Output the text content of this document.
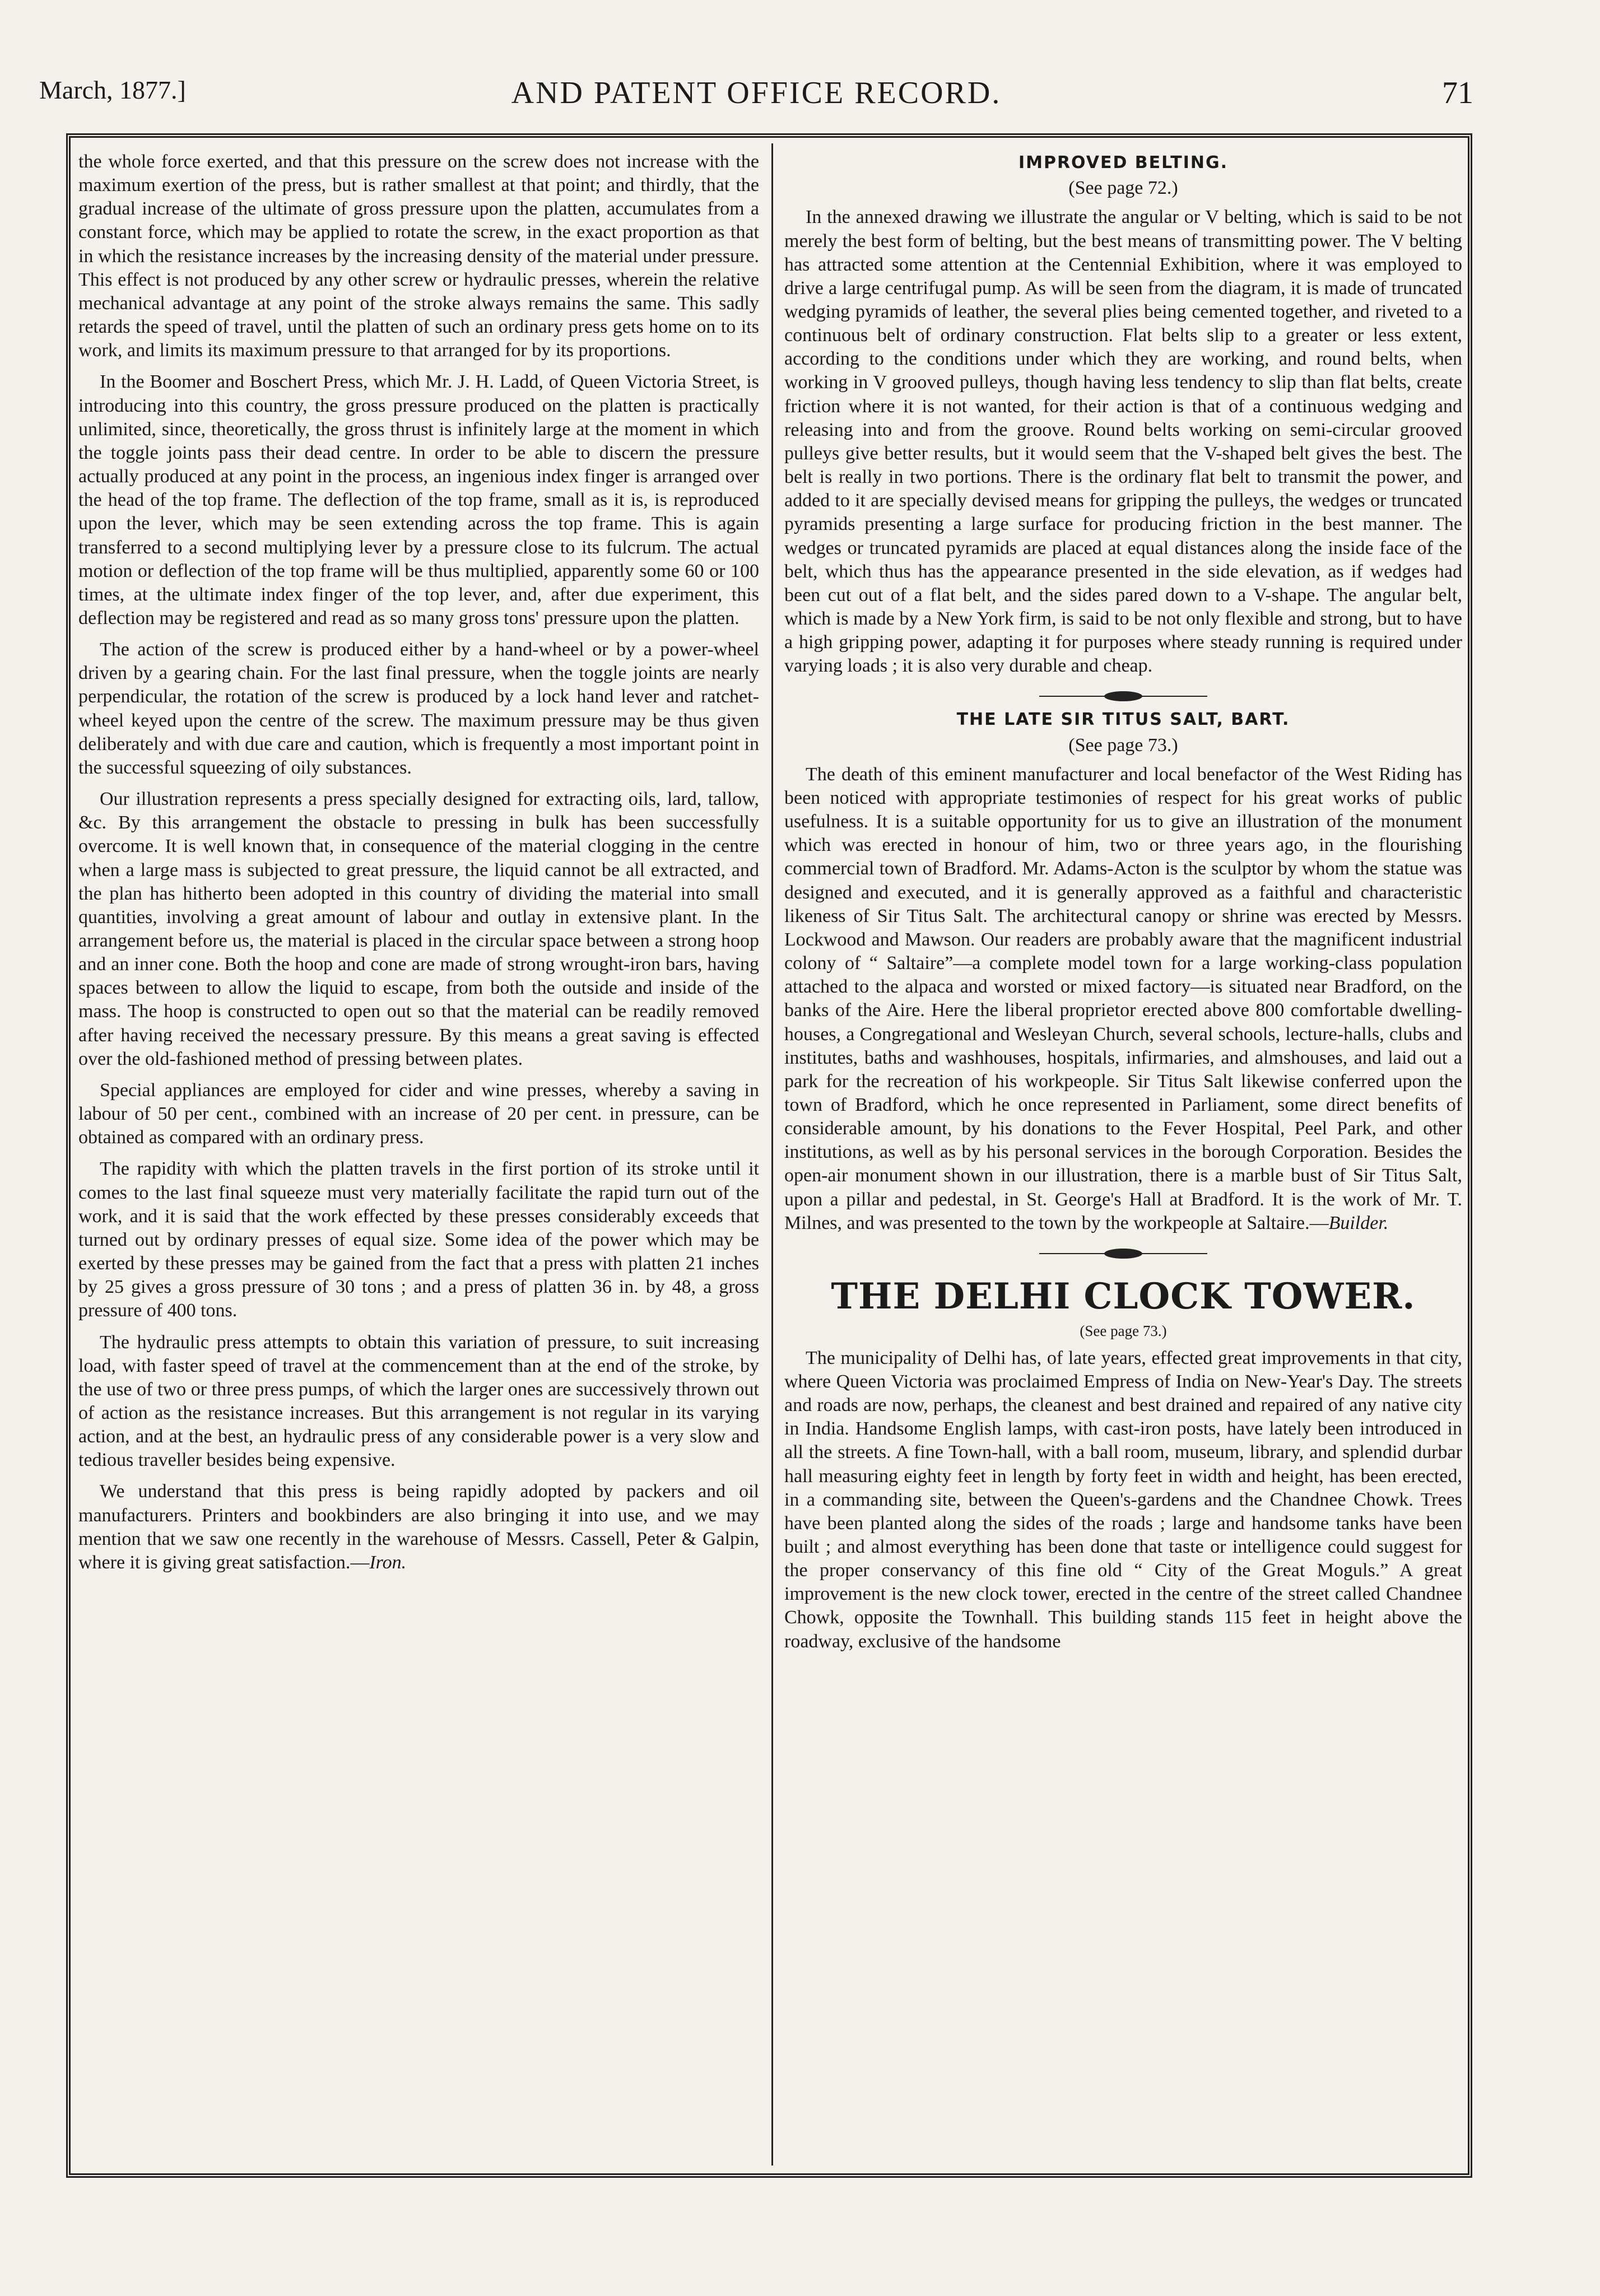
March, 1877.]	AND PATENT OFFICE RECORD.	71

the whole force exerted, and that this pressure on the screw does not increase with the maximum exertion of the press, but is rather smallest at that point; and thirdly, that the gradual increase of the ultimate of gross pressure upon the platten, accumulates from a constant force, which may be applied to rotate the screw, in the exact proportion as that in which the resistance increases by the increasing density of the material under pressure. This effect is not produced by any other screw or hydraulic presses, wherein the relative mechanical advantage at any point of the stroke always remains the same. This sadly retards the speed of travel, until the platten of such an ordinary press gets home on to its work, and limits its maximum pressure to that arranged for by its proportions.

In the Boomer and Boschert Press, which Mr. J. H. Ladd, of Queen Victoria Street, is introducing into this country, the gross pressure produced on the platten is practically unlimited, since, theoretically, the gross thrust is infinitely large at the moment in which the toggle joints pass their dead centre. In order to be able to discern the pressure actually produced at any point in the process, an ingenious index finger is arranged over the head of the top frame. The deflection of the top frame, small as it is, is reproduced upon the lever, which may be seen extending across the top frame. This is again transferred to a second multiplying lever by a pressure close to its fulcrum. The actual motion or deflection of the top frame will be thus multiplied, apparently some 60 or 100 times, at the ultimate index finger of the top lever, and, after due experiment, this deflection may be registered and read as so many gross tons' pressure upon the platten.

The action of the screw is produced either by a hand-wheel or by a power-wheel driven by a gearing chain. For the last final pressure, when the toggle joints are nearly perpendicular, the rotation of the screw is produced by a lock hand lever and ratchet-wheel keyed upon the centre of the screw. The maximum pressure may be thus given deliberately and with due care and caution, which is frequently a most important point in the successful squeezing of oily substances.

Our illustration represents a press specially designed for extracting oils, lard, tallow, &c. By this arrangement the obstacle to pressing in bulk has been successfully overcome. It is well known that, in consequence of the material clogging in the centre when a large mass is subjected to great pressure, the liquid cannot be all extracted, and the plan has hitherto been adopted in this country of dividing the material into small quantities, involving a great amount of labour and outlay in extensive plant. In the arrangement before us, the material is placed in the circular space between a strong hoop and an inner cone. Both the hoop and cone are made of strong wrought-iron bars, having spaces between to allow the liquid to escape, from both the outside and inside of the mass. The hoop is constructed to open out so that the material can be readily removed after having received the necessary pressure. By this means a great saving is effected over the old-fashioned method of pressing between plates.

Special appliances are employed for cider and wine presses, whereby a saving in labour of 50 per cent., combined with an increase of 20 per cent. in pressure, can be obtained as compared with an ordinary press.

The rapidity with which the platten travels in the first portion of its stroke until it comes to the last final squeeze must very materially facilitate the rapid turn out of the work, and it is said that the work effected by these presses considerably exceeds that turned out by ordinary presses of equal size. Some idea of the power which may be exerted by these presses may be gained from the fact that a press with platten 21 inches by 25 gives a gross pressure of 30 tons ; and a press of platten 36 in. by 48, a gross pressure of 400 tons.

The hydraulic press attempts to obtain this variation of pressure, to suit increasing load, with faster speed of travel at the commencement than at the end of the stroke, by the use of two or three press pumps, of which the larger ones are successively thrown out of action as the resistance increases. But this arrangement is not regular in its varying action, and at the best, an hydraulic press of any considerable power is a very slow and tedious traveller besides being expensive.

We understand that this press is being rapidly adopted by packers and oil manufacturers. Printers and bookbinders are also bringing it into use, and we may mention that we saw one recently in the warehouse of Messrs. Cassell, Peter & Galpin, where it is giving great satisfaction.—Iron.

IMPROVED BELTING.
(See page 72.)

In the annexed drawing we illustrate the angular or V belting, which is said to be not merely the best form of belting, but the best means of transmitting power. The V belting has attracted some attention at the Centennial Exhibition, where it was employed to drive a large centrifugal pump. As will be seen from the diagram, it is made of truncated wedging pyramids of leather, the several plies being cemented together, and riveted to a continuous belt of ordinary construction. Flat belts slip to a greater or less extent, according to the conditions under which they are working, and round belts, when working in V grooved pulleys, though having less tendency to slip than flat belts, create friction where it is not wanted, for their action is that of a continuous wedging and releasing into and from the groove. Round belts working on semi-circular grooved pulleys give better results, but it would seem that the V-shaped belt gives the best. The belt is really in two portions. There is the ordinary flat belt to transmit the power, and added to it are specially devised means for gripping the pulleys, the wedges or truncated pyramids presenting a large surface for producing friction in the best manner. The wedges or truncated pyramids are placed at equal distances along the inside face of the belt, which thus has the appearance presented in the side elevation, as if wedges had been cut out of a flat belt, and the sides pared down to a V-shape. The angular belt, which is made by a New York firm, is said to be not only flexible and strong, but to have a high gripping power, adapting it for purposes where steady running is required under varying loads ; it is also very durable and cheap.

THE LATE SIR TITUS SALT, BART.
(See page 73.)

The death of this eminent manufacturer and local benefactor of the West Riding has been noticed with appropriate testimonies of respect for his great works of public usefulness. It is a suitable opportunity for us to give an illustration of the monument which was erected in honour of him, two or three years ago, in the flourishing commercial town of Bradford. Mr. Adams-Acton is the sculptor by whom the statue was designed and executed, and it is generally approved as a faithful and characteristic likeness of Sir Titus Salt. The architectural canopy or shrine was erected by Messrs. Lockwood and Mawson. Our readers are probably aware that the magnificent industrial colony of “ Saltaire”—a complete model town for a large working-class population attached to the alpaca and worsted or mixed factory—is situated near Bradford, on the banks of the Aire. Here the liberal proprietor erected above 800 comfortable dwelling-houses, a Congregational and Wesleyan Church, several schools, lecture-halls, clubs and institutes, baths and washhouses, hospitals, infirmaries, and almshouses, and laid out a park for the recreation of his workpeople. Sir Titus Salt likewise conferred upon the town of Bradford, which he once represented in Parliament, some direct benefits of considerable amount, by his donations to the Fever Hospital, Peel Park, and other institutions, as well as by his personal services in the borough Corporation. Besides the open-air monument shown in our illustration, there is a marble bust of Sir Titus Salt, upon a pillar and pedestal, in St. George's Hall at Bradford. It is the work of Mr. T. Milnes, and was presented to the town by the workpeople at Saltaire.—Builder.

THE DELHI CLOCK TOWER.
(See page 73.)

The municipality of Delhi has, of late years, effected great improvements in that city, where Queen Victoria was proclaimed Empress of India on New-Year's Day. The streets and roads are now, perhaps, the cleanest and best drained and repaired of any native city in India. Handsome English lamps, with cast-iron posts, have lately been introduced in all the streets. A fine Town-hall, with a ball room, museum, library, and splendid durbar hall measuring eighty feet in length by forty feet in width and height, has been erected, in a commanding site, between the Queen's-gardens and the Chandnee Chowk. Trees have been planted along the sides of the roads ; large and handsome tanks have been built ; and almost everything has been done that taste or intelligence could suggest for the proper conservancy of this fine old “ City of the Great Moguls.” A great improvement is the new clock tower, erected in the centre of the street called Chandnee Chowk, opposite the Townhall. This building stands 115 feet in height above the roadway, exclusive of the handsome
